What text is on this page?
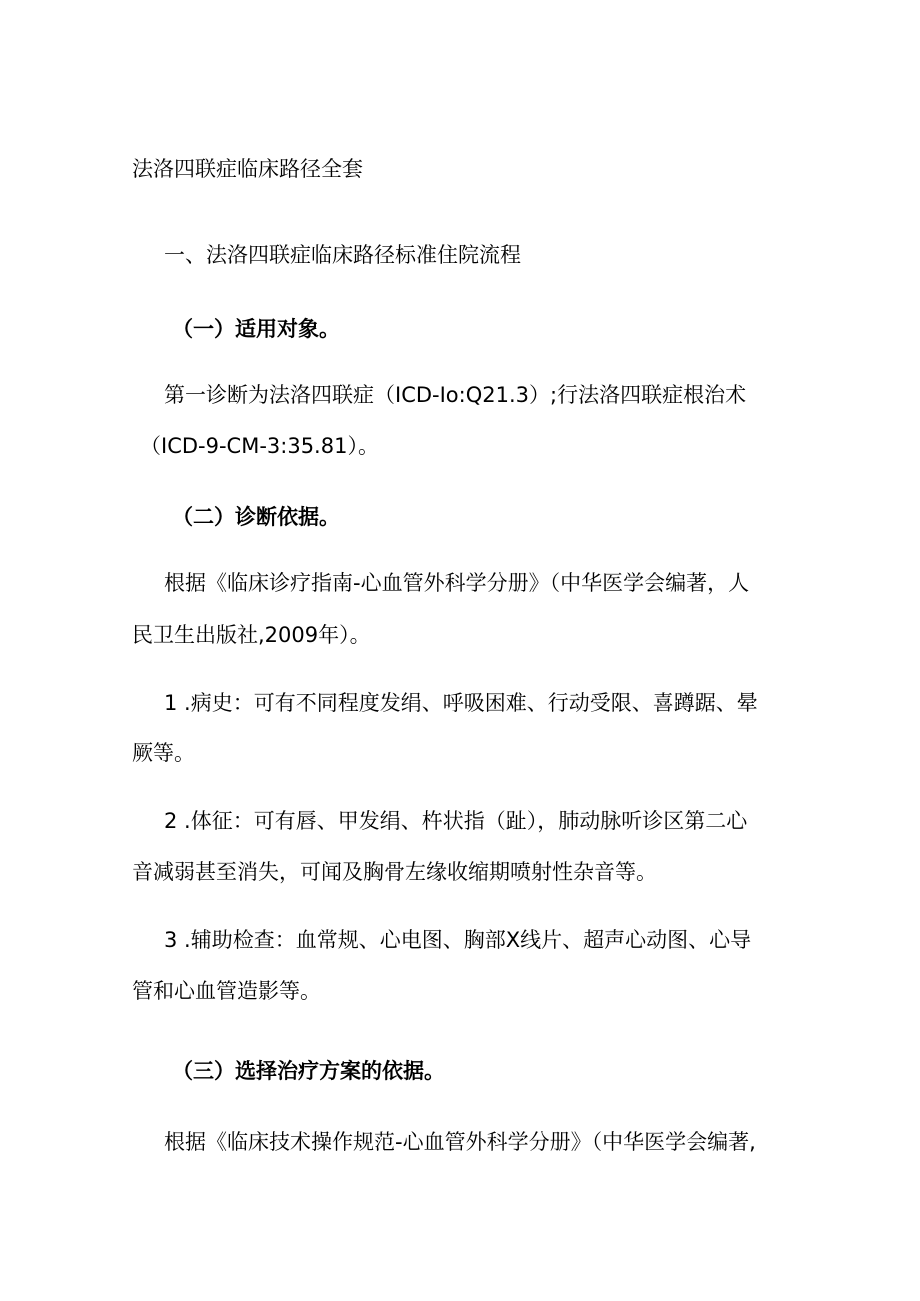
法洛四联症临床路径全套

一、法洛四联症临床路径标准住院流程

（一）适用对象。

第一诊断为法洛四联症（ICD-Io:Q21.3）;行法洛四联症根治术

（ICD-9-CM-3:35.81）。

（二）诊断依据。

根据《临床诊疗指南-心血管外科学分册》（中华医学会编著，人

民卫生出版社,2009年）。

1 .病史：可有不同程度发绢、呼吸困难、行动受限、喜蹲踞、晕

厥等。

2 .体征：可有唇、甲发绢、杵状指（趾），肺动脉听诊区第二心

音减弱甚至消失，可闻及胸骨左缘收缩期喷射性杂音等。

3 .辅助检查：血常规、心电图、胸部X线片、超声心动图、心导

管和心血管造影等。

（三）选择治疗方案的依据。

根据《临床技术操作规范-心血管外科学分册》（中华医学会编著,
